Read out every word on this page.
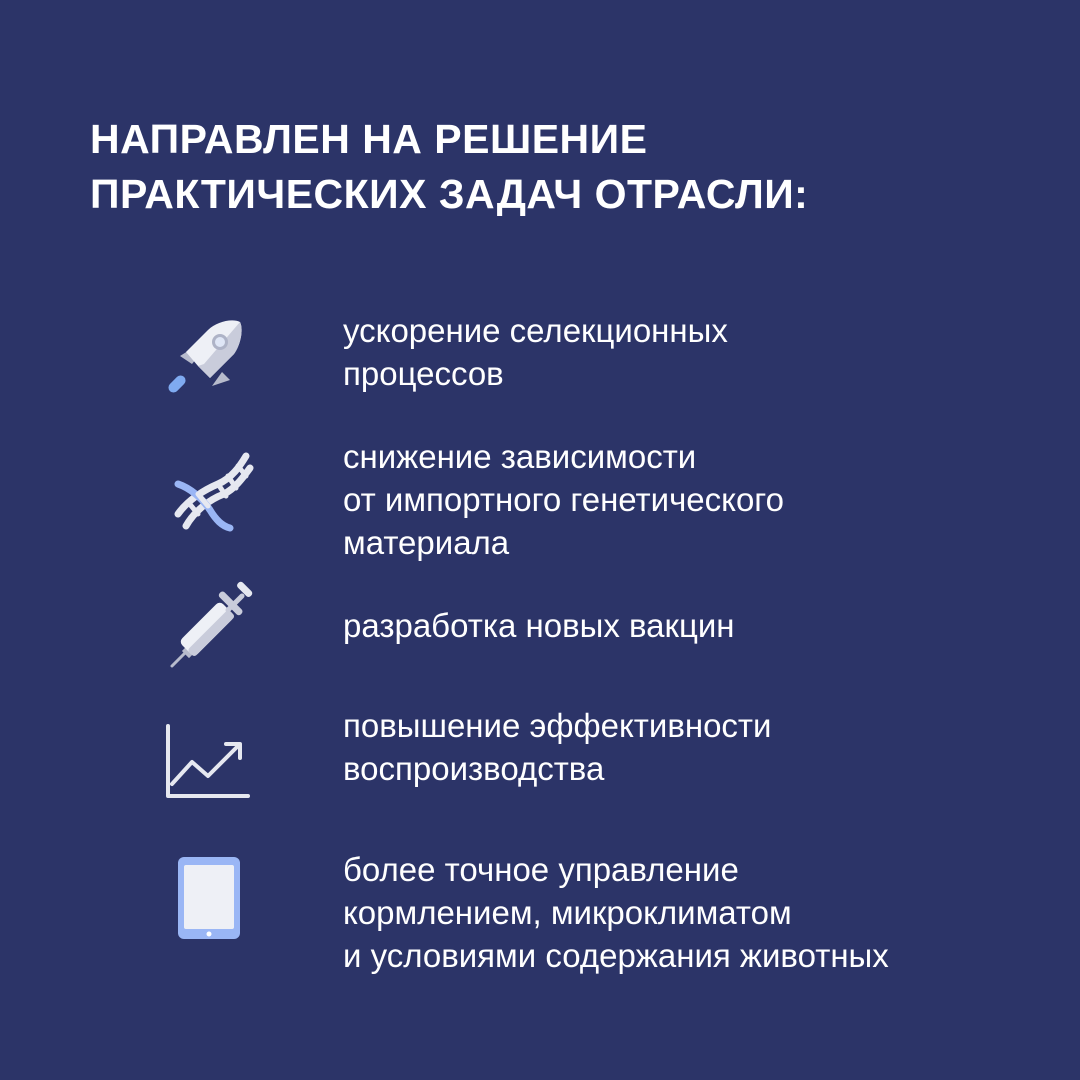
НАПРАВЛЕН НА РЕШЕНИЕ
ПРАКТИЧЕСКИХ ЗАДАЧ ОТРАСЛИ:

ускорение селекционных
процессов

снижение зависимости
от импортного генетического
материала

разработка новых вакцин

повышение эффективности
воспроизводства

более точное управление
кормлением, микроклиматом
и условиями содержания животных
